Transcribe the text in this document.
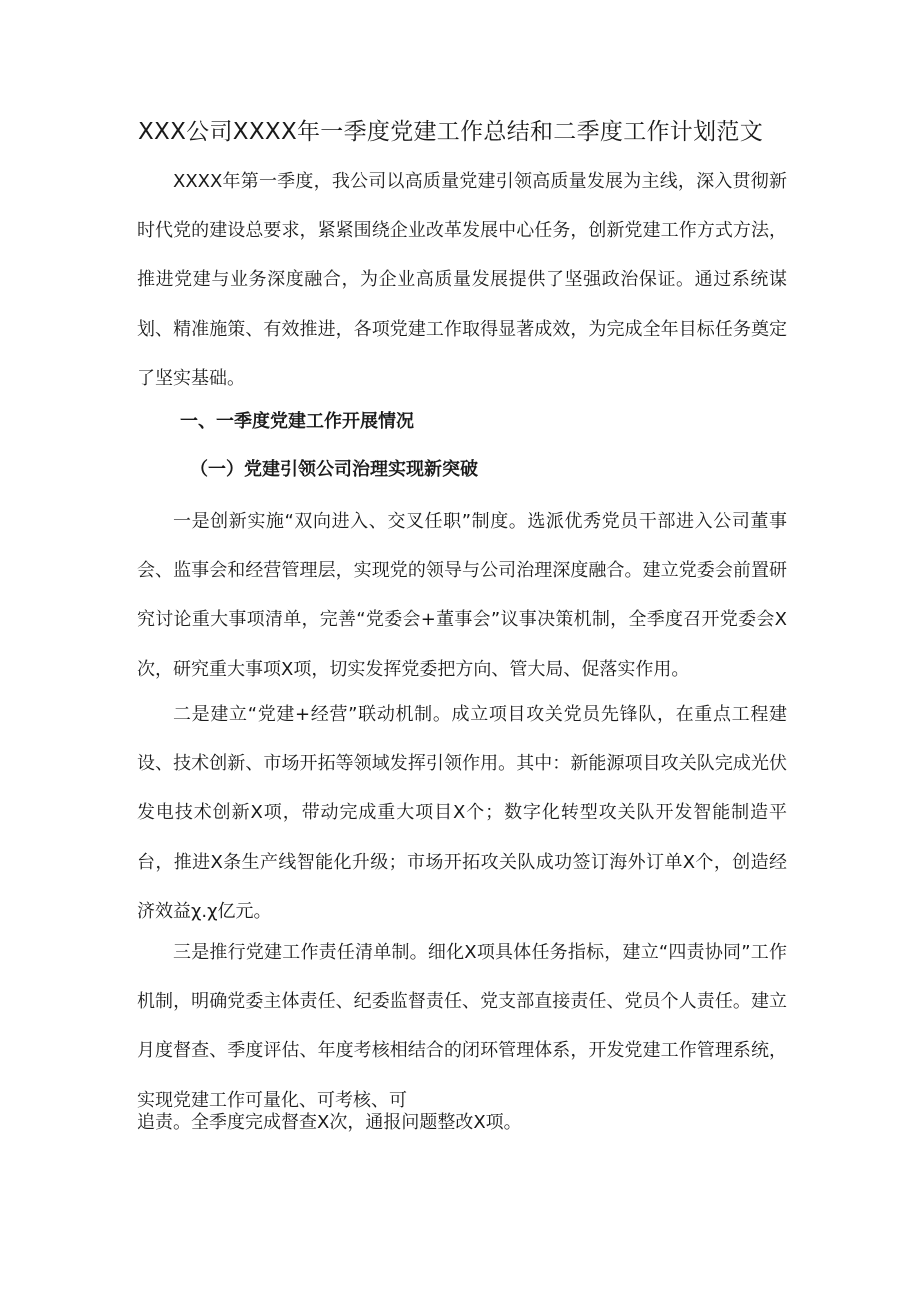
XXX公司XXXX年一季度党建工作总结和二季度工作计划范文

XXXX年第一季度，我公司以高质量党建引领高质量发展为主线，深入贯彻新时代党的建设总要求，紧紧围绕企业改革发展中心任务，创新党建工作方式方法，推进党建与业务深度融合，为企业高质量发展提供了坚强政治保证。通过系统谋划、精准施策、有效推进，各项党建工作取得显著成效，为完成全年目标任务奠定了坚实基础。

一、一季度党建工作开展情况
（一）党建引领公司治理实现新突破

一是创新实施“双向进入、交叉任职”制度。选派优秀党员干部进入公司董事会、监事会和经营管理层，实现党的领导与公司治理深度融合。建立党委会前置研究讨论重大事项清单，完善“党委会+董事会”议事决策机制，全季度召开党委会X次，研究重大事项X项，切实发挥党委把方向、管大局、促落实作用。

二是建立“党建+经营”联动机制。成立项目攻关党员先锋队，在重点工程建设、技术创新、市场开拓等领域发挥引领作用。其中：新能源项目攻关队完成光伏发电技术创新X项，带动完成重大项目X个；数字化转型攻关队开发智能制造平台，推进X条生产线智能化升级；市场开拓攻关队成功签订海外订单X个，创造经济效益χ.χ亿元。

三是推行党建工作责任清单制。细化X项具体任务指标，建立“四责协同”工作机制，明确党委主体责任、纪委监督责任、党支部直接责任、党员个人责任。建立月度督查、季度评估、年度考核相结合的闭环管理体系，开发党建工作管理系统，实现党建工作可量化、可考核、可

追责。全季度完成督查X次，通报问题整改X项。
